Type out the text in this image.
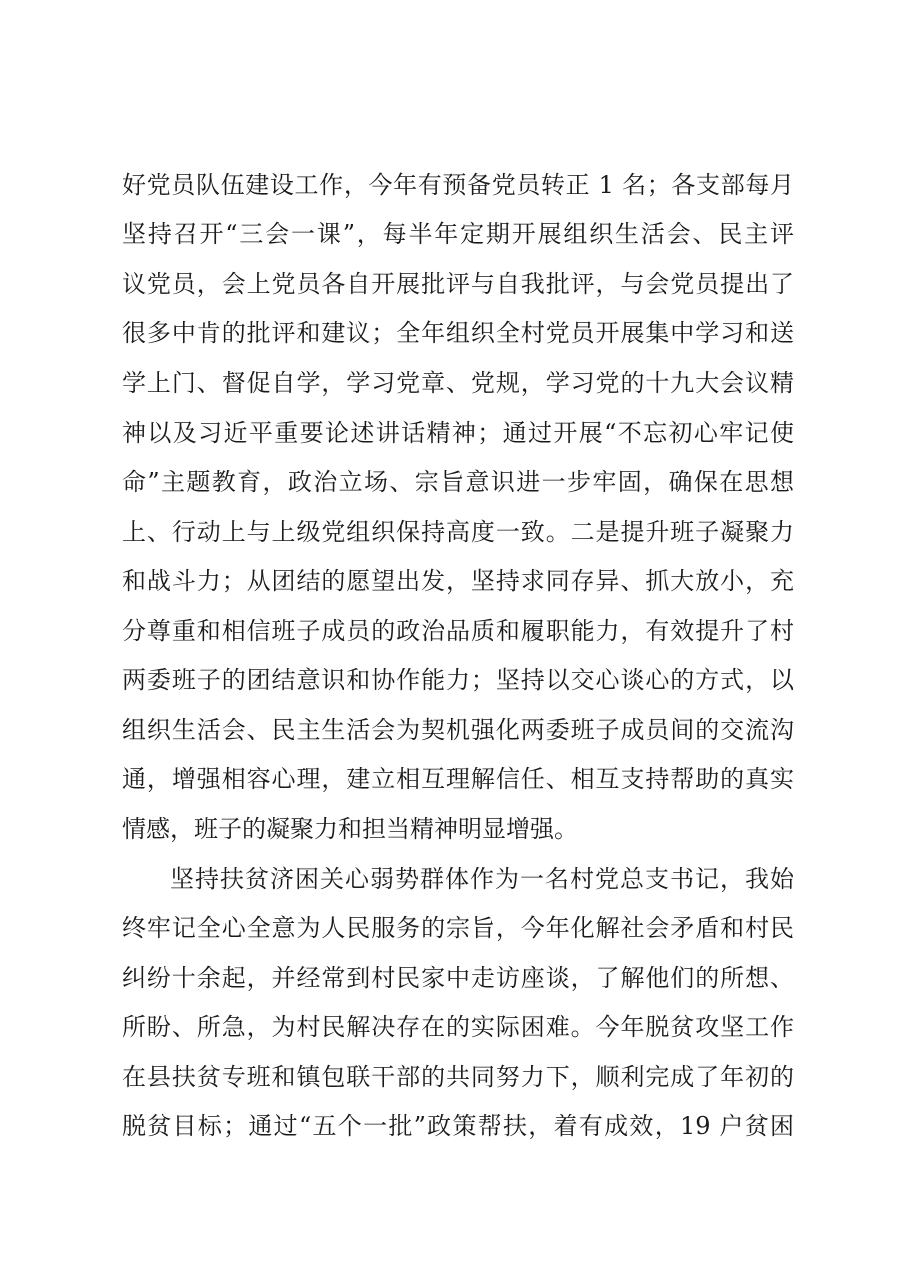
好党员队伍建设工作，今年有预备党员转正 1 名；各支部每月
坚持召开“三会一课”，每半年定期开展组织生活会、民主评
议党员，会上党员各自开展批评与自我批评，与会党员提出了
很多中肯的批评和建议；全年组织全村党员开展集中学习和送
学上门、督促自学，学习党章、党规，学习党的十九大会议精
神以及习近平重要论述讲话精神；通过开展“不忘初心牢记使
命”主题教育，政治立场、宗旨意识进一步牢固，确保在思想
上、行动上与上级党组织保持高度一致。二是提升班子凝聚力
和战斗力；从团结的愿望出发，坚持求同存异、抓大放小，充
分尊重和相信班子成员的政治品质和履职能力，有效提升了村
两委班子的团结意识和协作能力；坚持以交心谈心的方式，以
组织生活会、民主生活会为契机强化两委班子成员间的交流沟
通，增强相容心理，建立相互理解信任、相互支持帮助的真实
情感，班子的凝聚力和担当精神明显增强。
坚持扶贫济困关心弱势群体作为一名村党总支书记，我始
终牢记全心全意为人民服务的宗旨，今年化解社会矛盾和村民
纠纷十余起，并经常到村民家中走访座谈，了解他们的所想、
所盼、所急，为村民解决存在的实际困难。今年脱贫攻坚工作
在县扶贫专班和镇包联干部的共同努力下，顺利完成了年初的
脱贫目标；通过“五个一批”政策帮扶，着有成效，19 户贫困
